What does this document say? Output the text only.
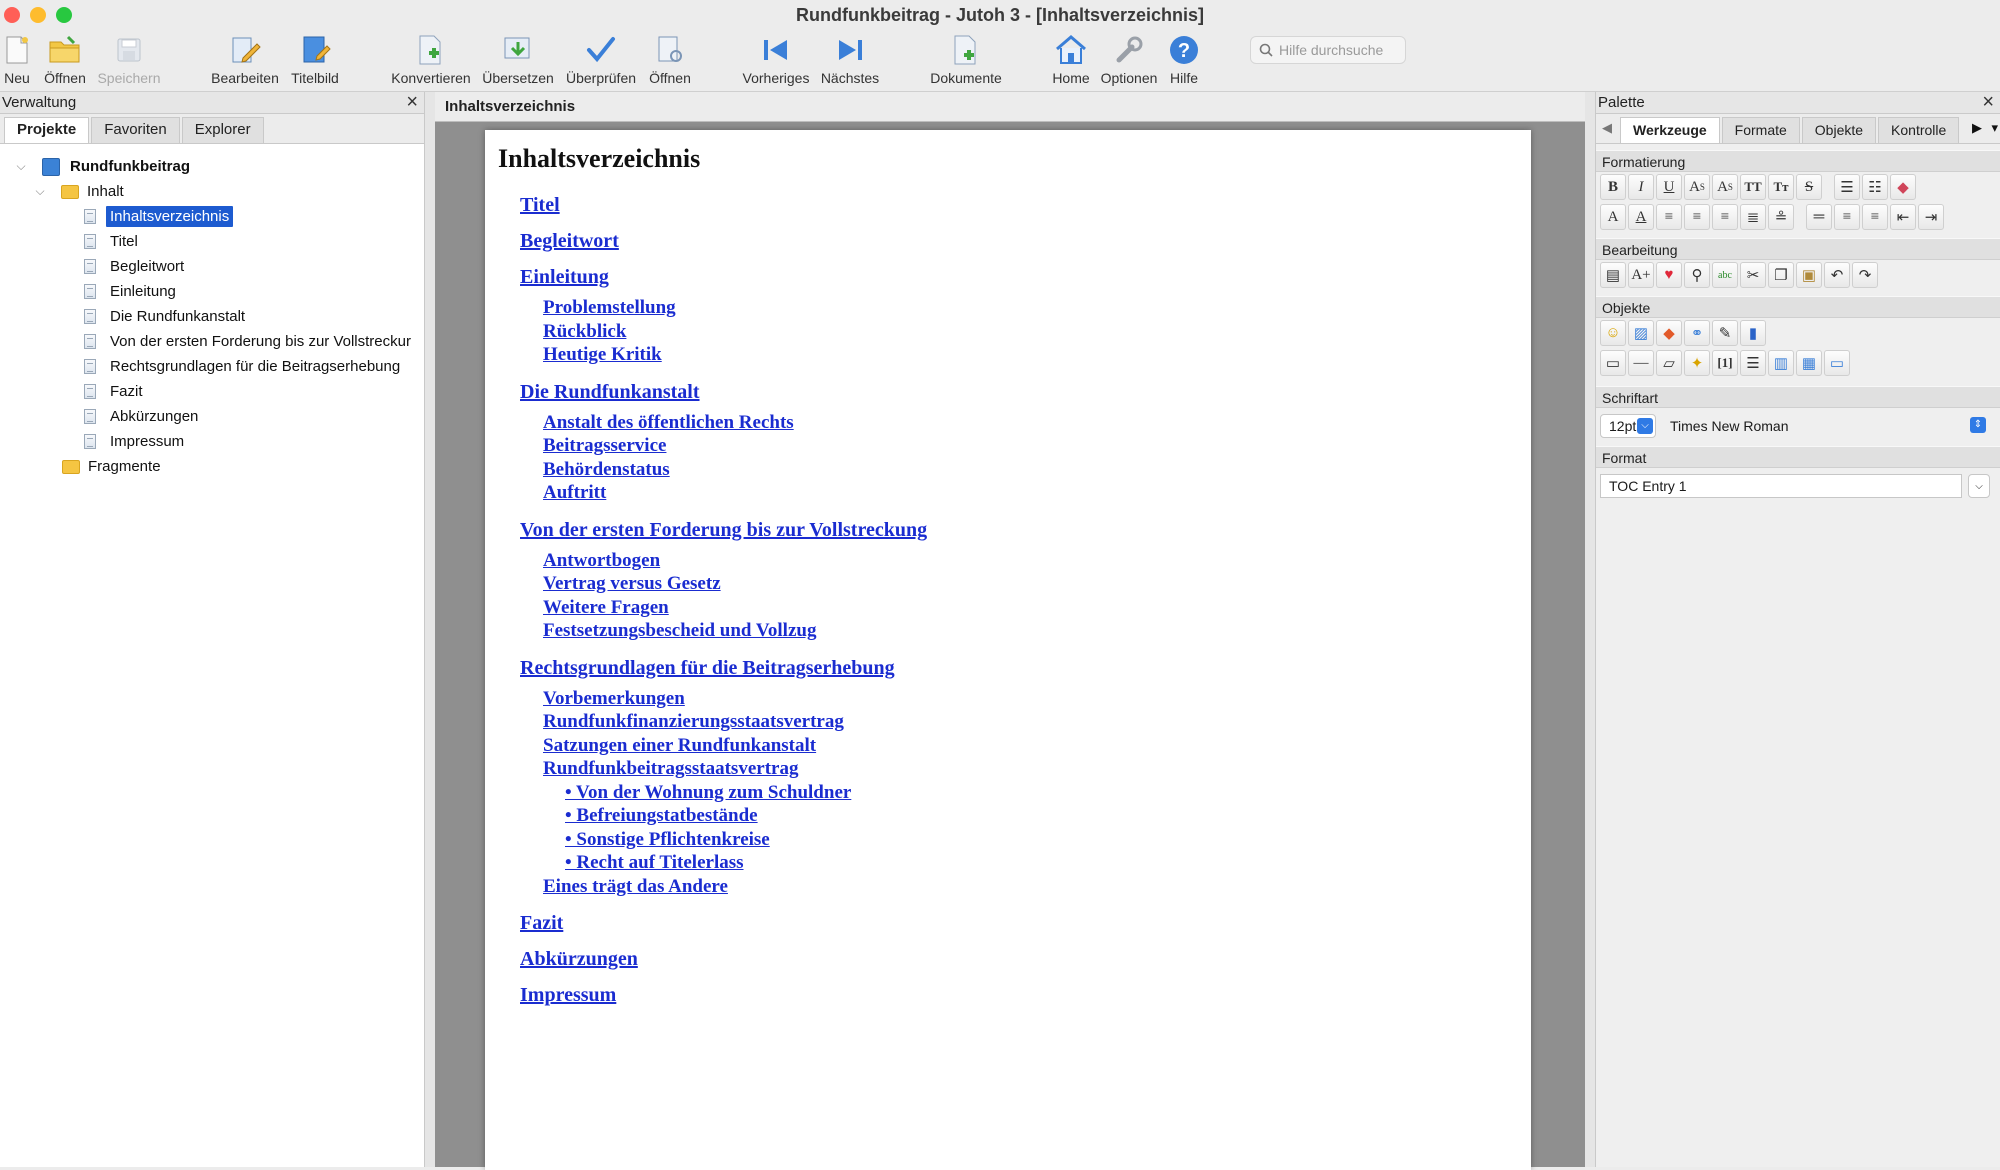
Rundfunkbeitrag - Jutoh 3 - [Inhaltsverzeichnis]
Neu Öffnen Speichern	Bearbeiten Titelbild	Konvertieren Übersetzen Überprüfen Öffnen	Vorheriges Nächstes	Dokumente	Home Optionen
?
Hilfe
Hilfe durchsuche
Verwaltung	×
Projekte	Favoriten	Explorer
⌵	Rundfunkbeitrag
⌵	Inhalt
Inhaltsverzeichnis
Titel
Begleitwort
Einleitung
Die Rundfunkanstalt
Von der ersten Forderung bis zur Vollstreckur
Rechtsgrundlagen für die Beitragserhebung
Fazit
Abkürzungen
Impressum
Fragmente
Inhaltsverzeichnis
Inhaltsverzeichnis
Titel
Begleitwort
Einleitung
Problemstellung
Rückblick
Heutige Kritik
Die Rundfunkanstalt
Anstalt des öffentlichen Rechts
Beitragsservice
Behördenstatus
Auftritt
Von der ersten Forderung bis zur Vollstreckung
Antwortbogen
Vertrag versus Gesetz
Weitere Fragen
Festsetzungsbescheid und Vollzug
Rechtsgrundlagen für die Beitragserhebung
Vorbemerkungen
Rundfunkfinanzierungsstaatsvertrag
Satzungen einer Rundfunkanstalt
Rundfunkbeitragsstaatsvertrag
• Von der Wohnung zum Schuldner
• Befreiungstatbestände
• Sonstige Pflichtenkreise
• Recht auf Titelerlass
Eines trägt das Andere
Fazit
Abkürzungen
Impressum
Palette	×
◀	Werkzeuge	Formate	Objekte	Kontrolle	▶ ▾
Formatierung
B	I	U A S A S TT Tт	S	☰ ☷	◆
A	A	≡	≡	≡	≣	≗	═	≡	≡	⇤	⇥
Bearbeitung
▤ A+ ♥	⚲	abc ✂ ❐ ▣ ↶	↷
Objekte
☺ ▨	◆	⚭	✎	▮
▭ — ▱	✦	[1] ☰ ▥ ▦ ▭
Schriftart
12pt ⌵	Times New Roman	⇕
Format
TOC Entry 1	⌵
